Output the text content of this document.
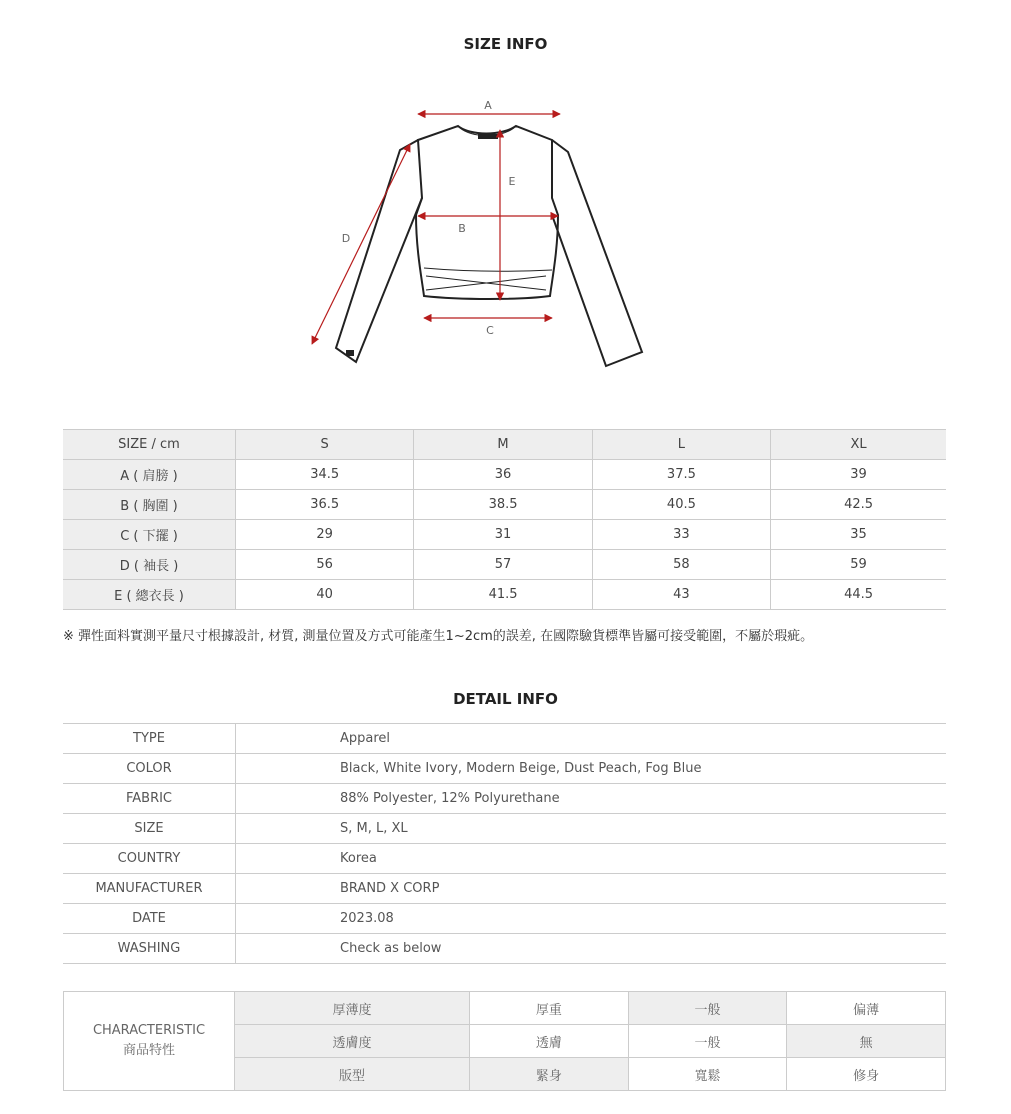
SIZE INFO
A
E
B
C
D
SIZE / cm	S	M	L	XL
A ( 肩膀 )	34.5	36	37.5	39
B ( 胸圍 )	36.5	38.5	40.5	42.5
C ( 下擺 )	29	31	33	35
D ( 袖長 )	56	57	58	59
E ( 總衣長 )	40	41.5	43	44.5
※ 彈性面料實測平量尺寸根據設計, 材質, 測量位置及方式可能產生1~2cm的誤差, 在國際驗貨標準皆屬可接受範圍，不屬於瑕疵。
DETAIL INFO
TYPE	Apparel
COLOR	Black, White Ivory, Modern Beige, Dust Peach, Fog Blue
FABRIC	88% Polyester, 12% Polyurethane
SIZE	S, M, L, XL
COUNTRY	Korea
MANUFACTURER	BRAND X CORP
DATE	2023.08
WASHING	Check as below
CHARACTERISTIC
商品特性	厚薄度	厚重	一般	偏薄
	透膚度	透膚	一般	無
	版型	緊身	寬鬆	修身
